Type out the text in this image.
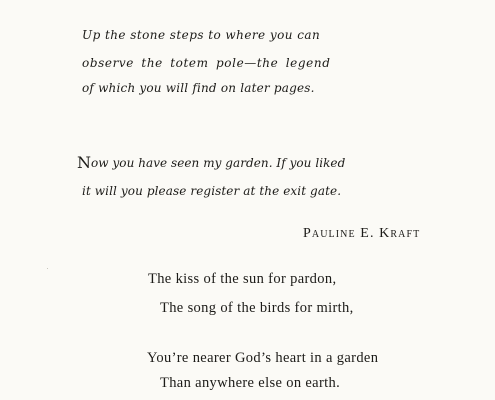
Up the stone steps to where you can
observe the totem pole—the legend
of which you will find on later pages.
Now you have seen my garden. If you liked
it will you please register at the exit gate.
Pauline E. Kraft
The kiss of the sun for pardon,
The song of the birds for mirth,
You’re nearer God’s heart in a garden
Than anywhere else on earth.
